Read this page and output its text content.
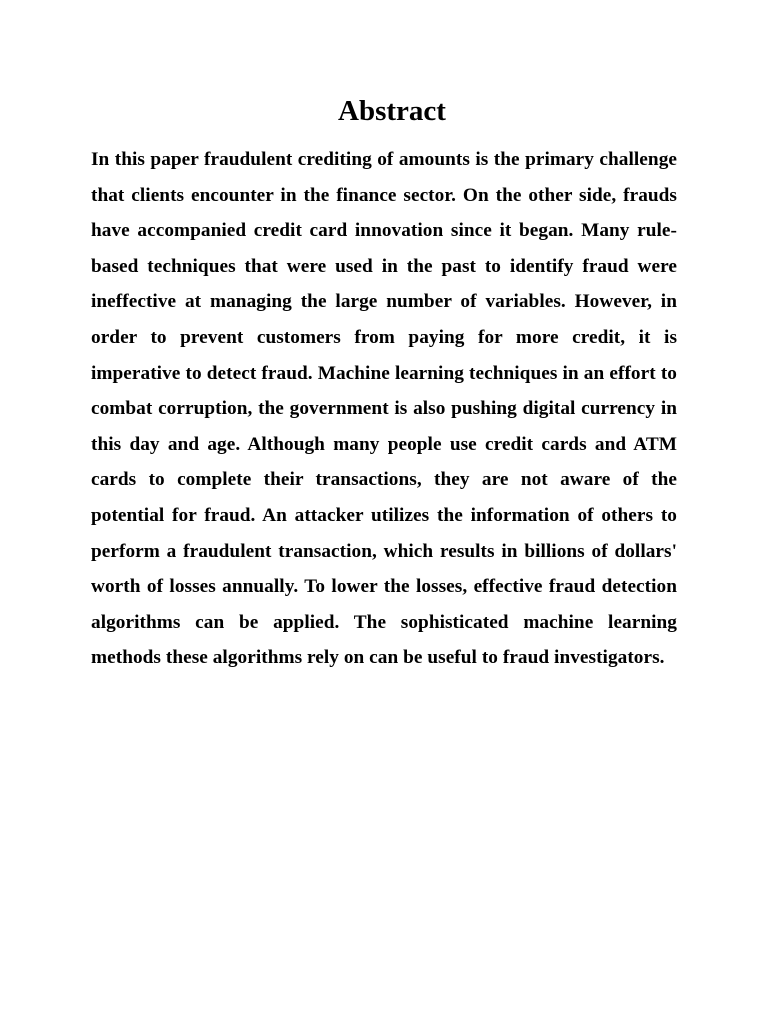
Abstract

In this paper fraudulent crediting of amounts is the primary challenge that clients encounter in the finance sector. On the other side, frauds have accompanied credit card innovation since it began. Many rule-based techniques that were used in the past to identify fraud were ineffective at managing the large number of variables. However, in order to prevent customers from paying for more credit, it is imperative to detect fraud. Machine learning techniques in an effort to combat corruption, the government is also pushing digital currency in this day and age. Although many people use credit cards and ATM cards to complete their transactions, they are not aware of the potential for fraud. An attacker utilizes the information of others to perform a fraudulent transaction, which results in billions of dollars' worth of losses annually. To lower the losses, effective fraud detection algorithms can be applied. The sophisticated machine learning methods these algorithms rely on can be useful to fraud investigators.
